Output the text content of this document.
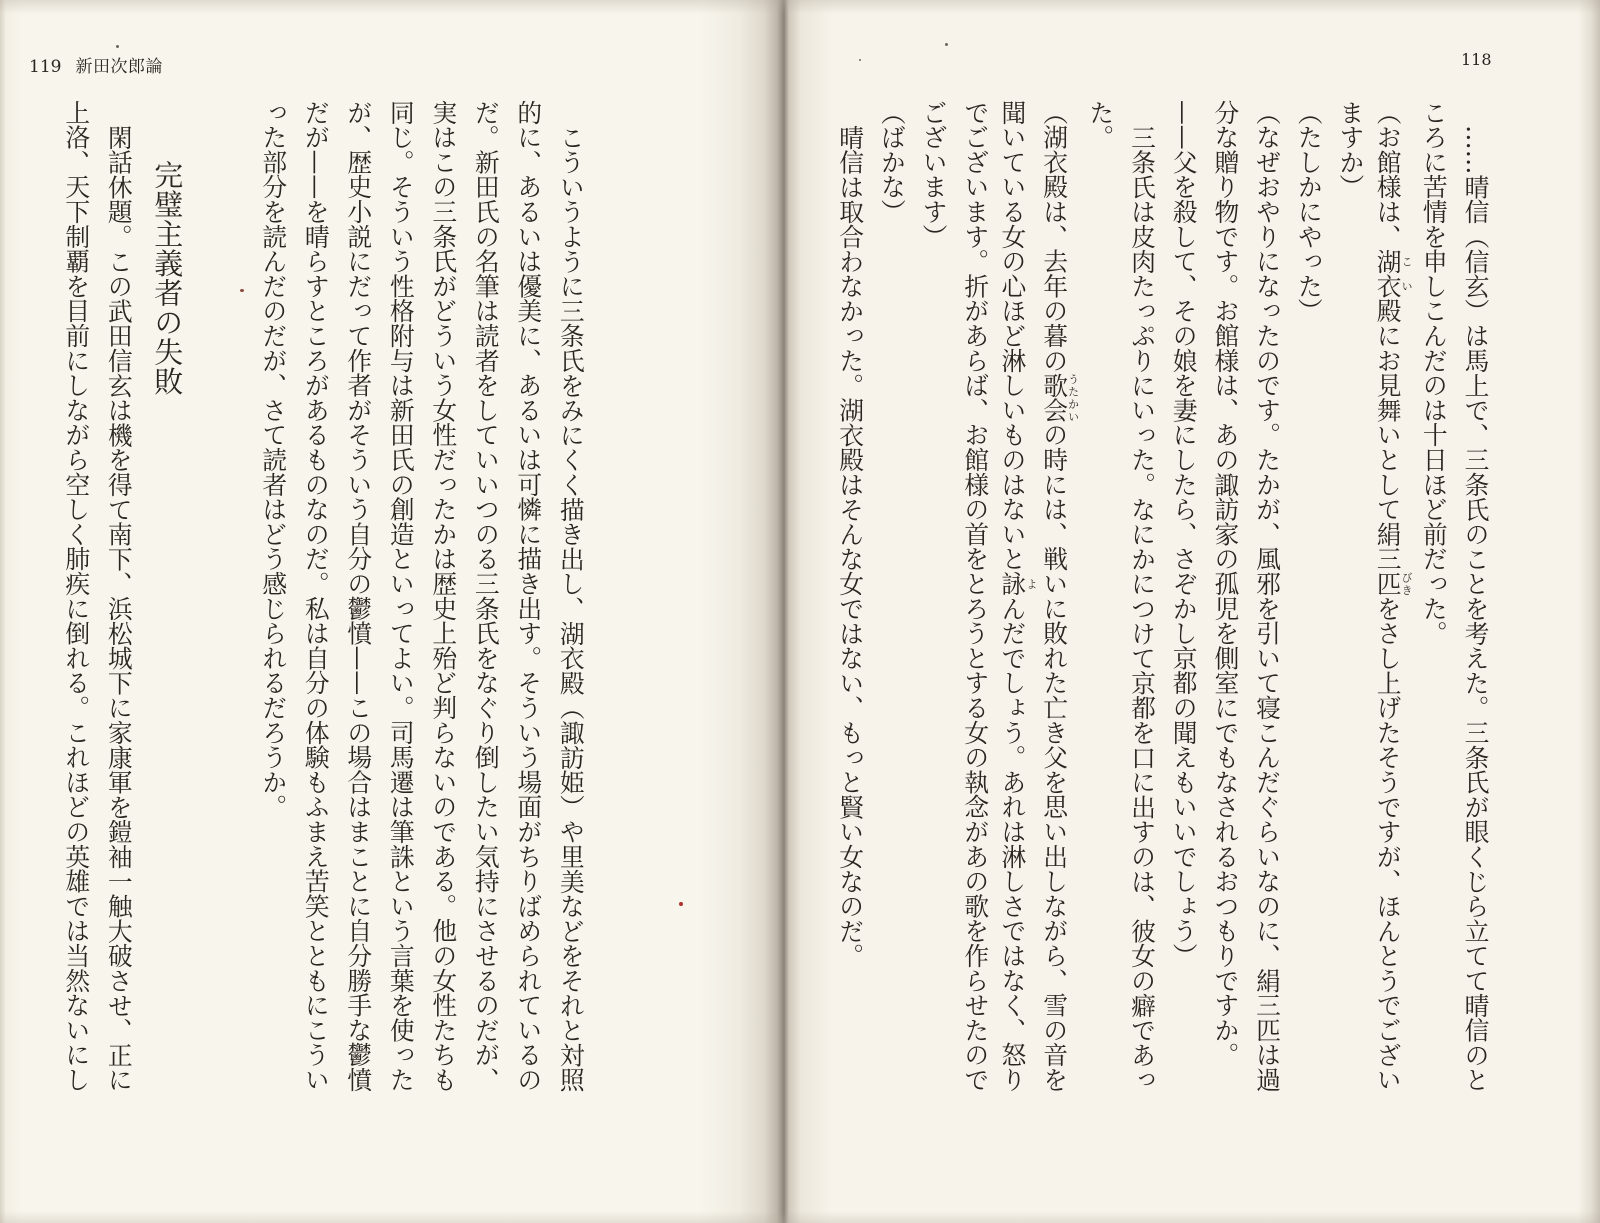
119 新田次郎論
こういうように三条氏をみにくく描き出し、湖衣殿（諏訪姫）や里美などをそれと対照
的に、あるいは優美に、あるいは可憐に描き出す。そういう場面がちりばめられているの
だ。新田氏の名筆は読者をしていいつのる三条氏をなぐり倒したい気持にさせるのだが、
実はこの三条氏がどういう女性だったかは歴史上殆ど判らないのである。他の女性たちも
同じ。そういう性格附与は新田氏の創造といってよい。司馬遷は筆誅という言葉を使った
が、歴史小説にだって作者がそういう自分の鬱憤——この場合はまことに自分勝手な鬱憤
だが——を晴らすところがあるものなのだ。私は自分の体験もふまえ苦笑とともにこうい
った部分を読んだのだが、さて読者はどう感じられるだろうか。
完璧主義者の失敗
閑話休題。この武田信玄は機を得て南下、浜松城下に家康軍を鎧袖一触大破させ、正に
上洛、天下制覇を目前にしながら空しく肺疾に倒れる。これほどの英雄では当然ないにし
118
……晴信（信玄）は馬上で、三条氏のことを考えた。三条氏が眼くじら立てて晴信のと
ころに苦情を申しこんだのは十日ほど前だった。
（お館様は、湖衣こい殿にお見舞いとして絹三匹びきをさし上げたそうですが、ほんとうでござい
ますか）
（たしかにやった）
（なぜおやりになったのです。たかが、風邪を引いて寝こんだぐらいなのに、絹三匹は過
分な贈り物です。お館様は、あの諏訪家の孤児を側室にでもなされるおつもりですか。
——父を殺して、その娘を妻にしたら、さぞかし京都の聞えもいいでしょう）
三条氏は皮肉たっぷりにいった。なにかにつけて京都を口に出すのは、彼女の癖であっ
た。
（湖衣殿は、去年の暮の歌会うたかいの時には、戦いに敗れた亡き父を思い出しながら、雪の音を
聞いている女の心ほど淋しいものはないと詠よんだでしょう。あれは淋しさではなく、怒り
でございます。折があらば、お館様の首をとろうとする女の執念があの歌を作らせたので
ございます）
（ばかな）
晴信は取合わなかった。湖衣殿はそんな女ではない、もっと賢い女なのだ。
